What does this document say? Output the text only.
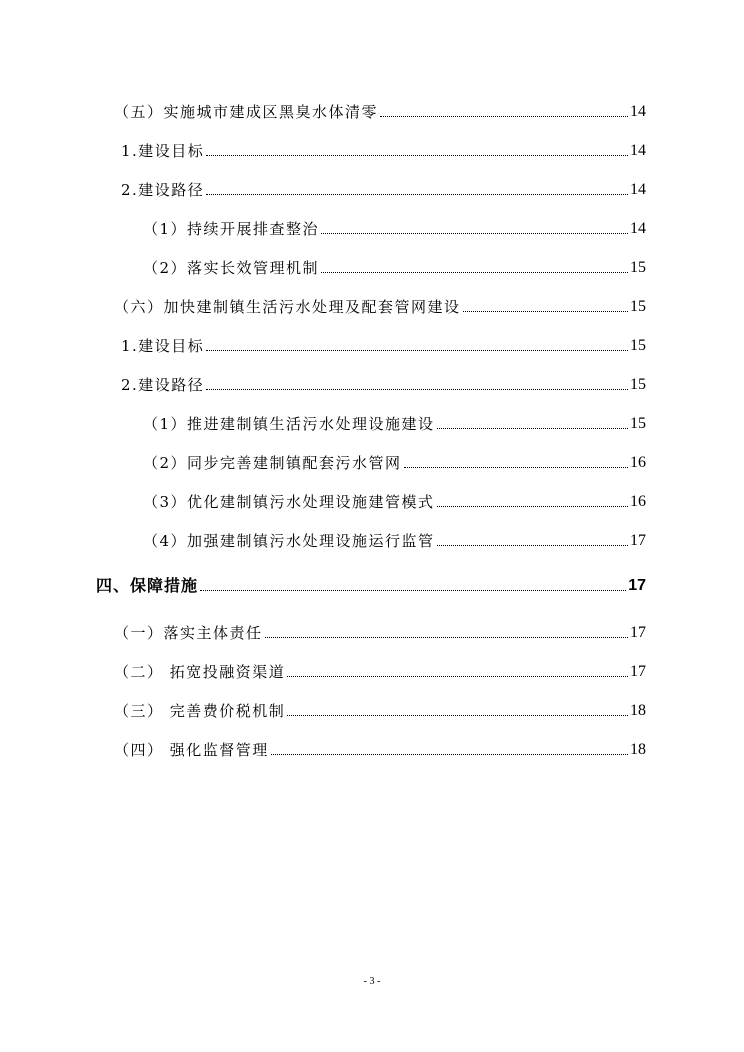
（五）实施城市建成区黑臭水体清零	14
1.建设目标	14
2.建设路径	14
（1）持续开展排查整治	14
（2）落实长效管理机制	15
（六）加快建制镇生活污水处理及配套管网建设	15
1.建设目标	15
2.建设路径	15
（1）推进建制镇生活污水处理设施建设	15
（2）同步完善建制镇配套污水管网	16
（3）优化建制镇污水处理设施建管模式	16
（4）加强建制镇污水处理设施运行监管	17
四、保障措施	17
（一）落实主体责任	17
（二） 拓宽投融资渠道	17
（三） 完善费价税机制	18
（四） 强化监督管理	18
- 3 -
